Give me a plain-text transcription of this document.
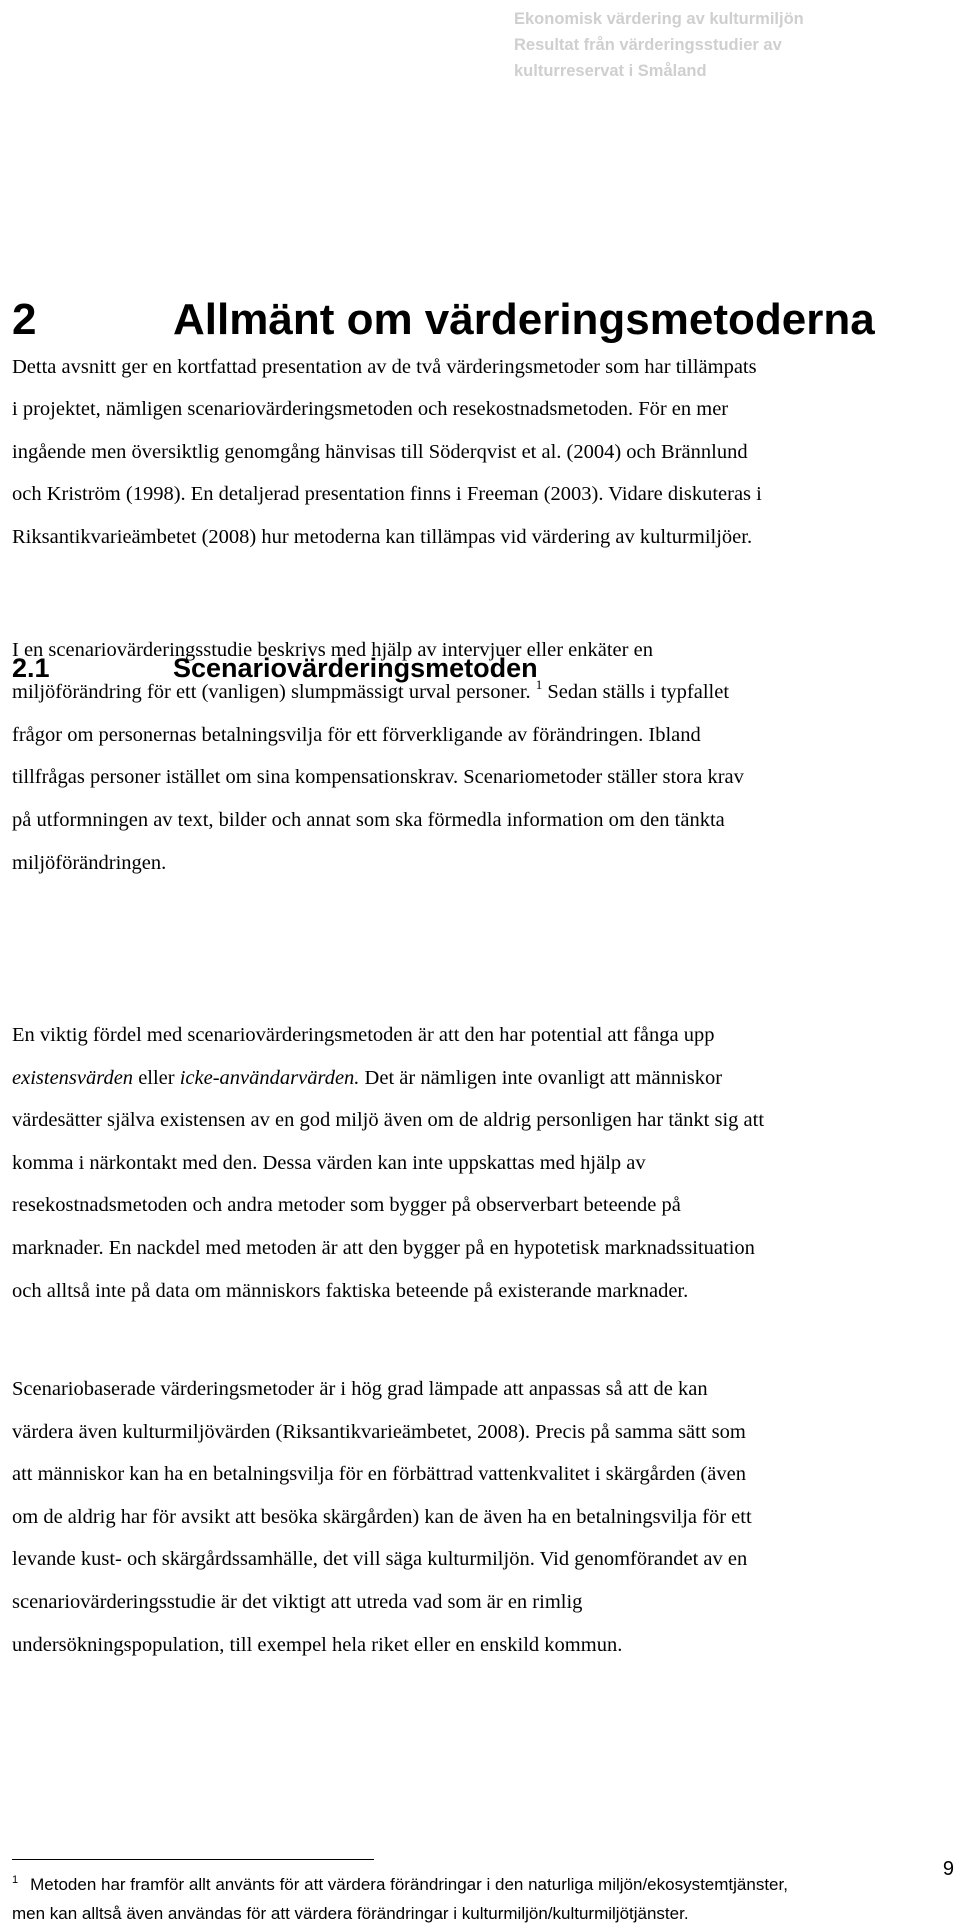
Ekonomisk värdering av kulturmiljön
Resultat från värderingsstudier av
kulturreservat i Småland
2	Allmänt om värderingsmetoderna
Detta avsnitt ger en kortfattad presentation av de två värderingsmetoder som har tillämpats
i projektet, nämligen scenariovärderingsmetoden och resekostnadsmetoden. För en mer
ingående men översiktlig genomgång hänvisas till Söderqvist et al. (2004) och Brännlund
och Kriström (1998). En detaljerad presentation finns i Freeman (2003). Vidare diskuteras i
Riksantikvarieämbetet (2008) hur metoderna kan tillämpas vid värdering av kulturmiljöer.
2.1	Scenariovärderingsmetoden
I en scenariovärderingsstudie beskrivs med hjälp av intervjuer eller enkäter en
miljöförändring för ett (vanligen) slumpmässigt urval personer. $^1$ Sedan ställs i typfallet
frågor om personernas betalningsvilja för ett förverkligande av förändringen. Ibland
tillfrågas personer istället om sina kompensationskrav. Scenariometoder ställer stora krav
på utformningen av text, bilder och annat som ska förmedla information om den tänkta
miljöförändringen.
En viktig fördel med scenariovärderingsmetoden är att den har potential att fånga upp
existensvärden eller icke-användarvärden. Det är nämligen inte ovanligt att människor
värdesätter själva existensen av en god miljö även om de aldrig personligen har tänkt sig att
komma i närkontakt med den. Dessa värden kan inte uppskattas med hjälp av
resekostnadsmetoden och andra metoder som bygger på observerbart beteende på
marknader. En nackdel med metoden är att den bygger på en hypotetisk marknadssituation
och alltså inte på data om människors faktiska beteende på existerande marknader.
Scenariobaserade värderingsmetoder är i hög grad lämpade att anpassas så att de kan
värdera även kulturmiljövärden (Riksantikvarieämbetet, 2008). Precis på samma sätt som
att människor kan ha en betalningsvilja för en förbättrad vattenkvalitet i skärgården (även
om de aldrig har för avsikt att besöka skärgården) kan de även ha en betalningsvilja för ett
levande kust- och skärgårdssamhälle, det vill säga kulturmiljön. Vid genomförandet av en
scenariovärderingsstudie är det viktigt att utreda vad som är en rimlig
undersökningspopulation, till exempel hela riket eller en enskild kommun.
$^1$ Metoden har framför allt använts för att värdera förändringar i den naturliga miljön/ekosystemtjänster,
men kan alltså även användas för att värdera förändringar i kulturmiljön/kulturmiljötjänster.
9
